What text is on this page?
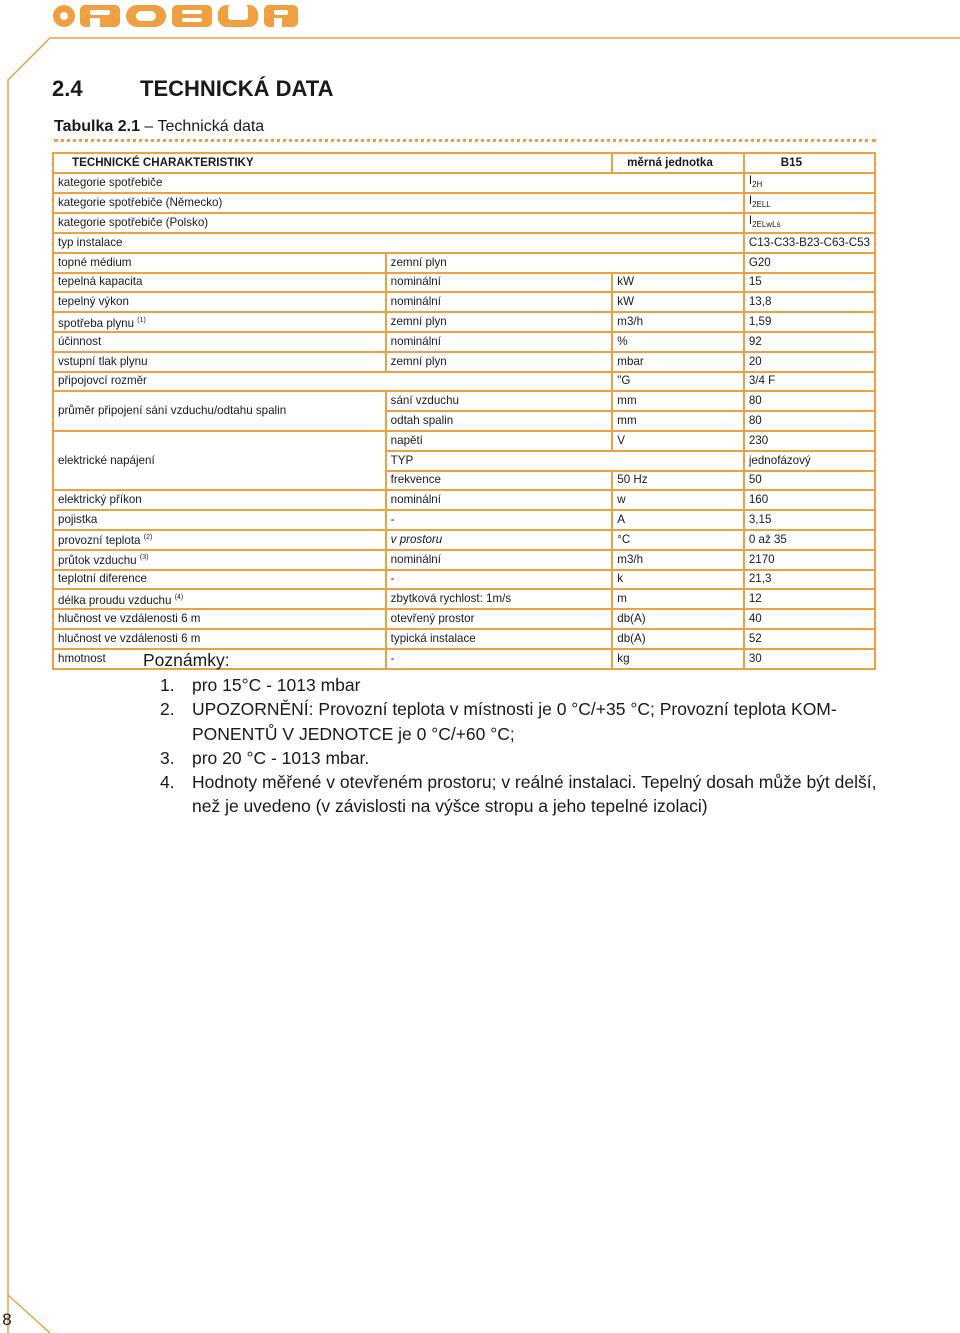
ROBUR
2.4	TECHNICKÁ DATA
Tabulka 2.1 – Technická data
TECHNICKÉ CHARAKTERISTIKY		měrná jednotka	B15
kategorie spotřebiče			$I_{2H}$
kategorie spotřebiče (Německo)			$I_{2ELL}$
kategorie spotřebiče (Polsko)			$I_{2ELwLs}$
typ instalace			C13-C33-B23-C63-C53
topné médium	zemní plyn		G20
tepelná kapacita	nominální	kW	15
tepelný výkon	nominální	kW	13,8
spotřeba plynu $^{(1)}$	zemní plyn	m3/h	1,59
účinnost	nominální	%	92
vstupní tlak plynu	zemní plyn	mbar	20
připojovcí rozměr		"G	3/4 F
průměr připojení sání vzduchu/odtahu spalin	sání vzduchu	mm	80
	odtah spalin	mm	80
elektrické napájení	napětí	V	230
	TYP		jednofázový
	frekvence	50 Hz	50
elektrický příkon	nominální	w	160
pojistka	-	A	3,15
provozní teplota $^{(2)}$	v prostoru	°C	0 až 35
průtok vzduchu $^{(3)}$	nominální	m3/h	2170
teplotní diference	-	k	21,3
délka proudu vzduchu $^{(4)}$	zbytková rychlost: 1m/s	m	12
hlučnost ve vzdálenosti 6 m	otevřený prostor	db(A)	40
hlučnost ve vzdálenosti 6 m	typická instalace	db(A)	52
hmotnost	-	kg	30
Poznámky:
1. pro 15°C - 1013 mbar
2. UPOZORNĚNÍ: Provozní teplota v místnosti je 0 °C/+35 °C; Provozní teplota KOM-PONENTŮ V JEDNOTCE je 0 °C/+60 °C;
3. pro 20 °C - 1013 mbar.
4. Hodnoty měřené v otevřeném prostoru; v reálné instalaci. Tepelný dosah může být delší, než je uvedeno (v závislosti na výšce stropu a jeho tepelné izolaci)
8
